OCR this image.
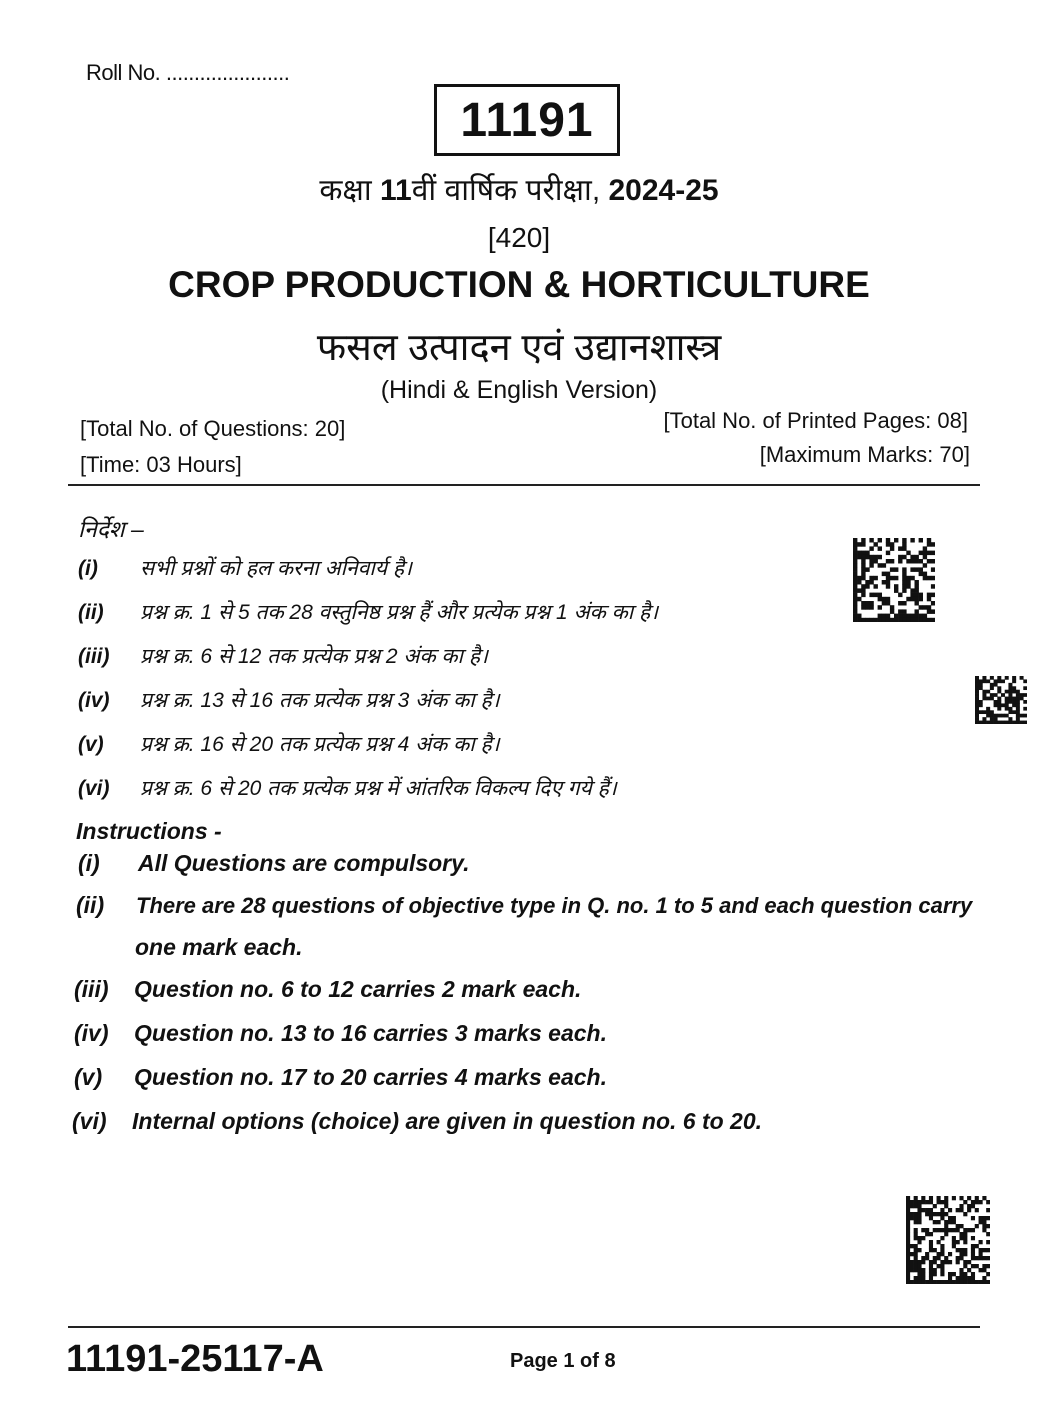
Roll No. ......................
11191
कक्षा 11वीं वार्षिक परीक्षा, 2024-25
[420]
CROP PRODUCTION & HORTICULTURE
फसल उत्पादन एवं उद्यानशास्त्र
(Hindi & English Version)
[Total No. of Questions: 20]
[Time: 03 Hours]
[Total No. of Printed Pages: 08]
[Maximum Marks: 70]
निर्देश –
(i) सभी प्रश्नों को हल करना अनिवार्य है।
(ii) प्रश्न क्र. 1 से 5 तक 28 वस्तुनिष्ठ प्रश्न हैं और प्रत्येक प्रश्न 1 अंक का है।
(iii) प्रश्न क्र. 6 से 12 तक प्रत्येक प्रश्न 2 अंक का है।
(iv) प्रश्न क्र. 13 से 16 तक प्रत्येक प्रश्न 3 अंक का है।
(v) प्रश्न क्र. 16 से 20 तक प्रत्येक प्रश्न 4 अंक का है।
(vi) प्रश्न क्र. 6 से 20 तक प्रत्येक प्रश्न में आंतरिक विकल्प दिए गये हैं।
Instructions -
(i) All Questions are compulsory.
(ii) There are 28 questions of objective type in Q. no. 1 to 5 and each question carry
one mark each.
(iii) Question no. 6 to 12 carries 2 mark each.
(iv) Question no. 13 to 16 carries 3 marks each.
(v) Question no. 17 to 20 carries 4 marks each.
(vi) Internal options (choice) are given in question no. 6 to 20.
11191-25117-A	Page 1 of 8
